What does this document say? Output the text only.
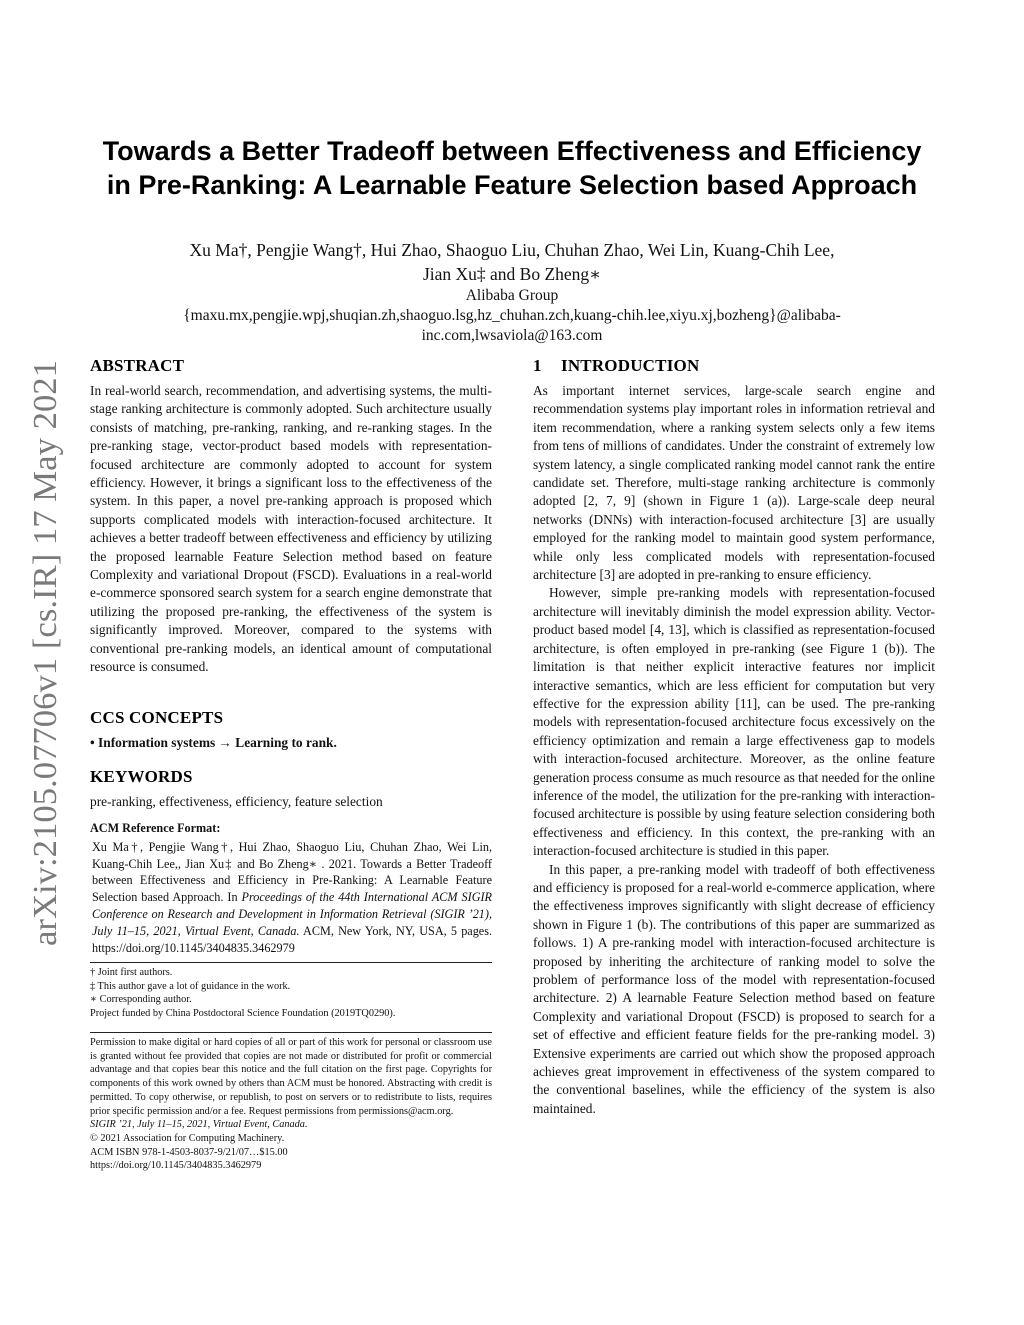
arXiv:2105.07706v1 [cs.IR] 17 May 2021
Towards a Better Tradeoff between Effectiveness and Efficiency
in Pre-Ranking: A Learnable Feature Selection based Approach
Xu Ma†, Pengjie Wang†, Hui Zhao, Shaoguo Liu, Chuhan Zhao, Wei Lin, Kuang-Chih Lee,
Jian Xu‡ and Bo Zheng∗
Alibaba Group
{maxu.mx,pengjie.wpj,shuqian.zh,shaoguo.lsg,hz_chuhan.zch,kuang-chih.lee,xiyu.xj,bozheng}@alibaba-
inc.com,lwsaviola@163.com
ABSTRACT

In real-world search, recommendation, and advertising systems, the multi-stage ranking architecture is commonly adopted. Such architecture usually consists of matching, pre-ranking, ranking, and re-ranking stages. In the pre-ranking stage, vector-product based models with representation-focused architecture are commonly adopted to account for system efficiency. However, it brings a significant loss to the effectiveness of the system. In this paper, a novel pre-ranking approach is proposed which supports complicated models with interaction-focused architecture. It achieves a better tradeoff between effectiveness and efficiency by utilizing the proposed learnable Feature Selection method based on feature Complexity and variational Dropout (FSCD). Evaluations in a real-world e-commerce sponsored search system for a search engine demonstrate that utilizing the proposed pre-ranking, the effectiveness of the system is significantly improved. Moreover, compared to the systems with conventional pre-ranking models, an identical amount of computational resource is consumed.

CCS CONCEPTS

• Information systems → Learning to rank.

KEYWORDS

pre-ranking, effectiveness, efficiency, feature selection

ACM Reference Format:
Xu Ma†, Pengjie Wang†, Hui Zhao, Shaoguo Liu, Chuhan Zhao, Wei Lin, Kuang-Chih Lee,, Jian Xu‡ and Bo Zheng∗ . 2021. Towards a Better Tradeoff between Effectiveness and Efficiency in Pre-Ranking: A Learnable Feature Selection based Approach. In Proceedings of the 44th International ACM SIGIR Conference on Research and Development in Information Retrieval (SIGIR ’21), July 11–15, 2021, Virtual Event, Canada. ACM, New York, NY, USA, 5 pages. https://doi.org/10.1145/3404835.3462979
† Joint first authors.
‡ This author gave a lot of guidance in the work.
∗ Corresponding author.
Project funded by China Postdoctoral Science Foundation (2019TQ0290).
Permission to make digital or hard copies of all or part of this work for personal or classroom use is granted without fee provided that copies are not made or distributed for profit or commercial advantage and that copies bear this notice and the full citation on the first page. Copyrights for components of this work owned by others than ACM must be honored. Abstracting with credit is permitted. To copy otherwise, or republish, to post on servers or to redistribute to lists, requires prior specific permission and/or a fee. Request permissions from permissions@acm.org.
SIGIR ’21, July 11–15, 2021, Virtual Event, Canada.
© 2021 Association for Computing Machinery.
ACM ISBN 978-1-4503-8037-9/21/07…$15.00
https://doi.org/10.1145/3404835.3462979
1 INTRODUCTION

As important internet services, large-scale search engine and recommendation systems play important roles in information retrieval and item recommendation, where a ranking system selects only a few items from tens of millions of candidates. Under the constraint of extremely low system latency, a single complicated ranking model cannot rank the entire candidate set. Therefore, multi-stage ranking architecture is commonly adopted [2, 7, 9] (shown in Figure 1 (a)). Large-scale deep neural networks (DNNs) with interaction-focused architecture [3] are usually employed for the ranking model to maintain good system performance, while only less complicated models with representation-focused architecture [3] are adopted in pre-ranking to ensure efficiency.

However, simple pre-ranking models with representation-focused architecture will inevitably diminish the model expression ability. Vector-product based model [4, 13], which is classified as representation-focused architecture, is often employed in pre-ranking (see Figure 1 (b)). The limitation is that neither explicit interactive features nor implicit interactive semantics, which are less efficient for computation but very effective for the expression ability [11], can be used. The pre-ranking models with representation-focused architecture focus excessively on the efficiency optimization and remain a large effectiveness gap to models with interaction-focused architecture. Moreover, as the online feature generation process consume as much resource as that needed for the online inference of the model, the utilization for the pre-ranking with interaction-focused architecture is possible by using feature selection considering both effectiveness and efficiency. In this context, the pre-ranking with an interaction-focused architecture is studied in this paper.

In this paper, a pre-ranking model with tradeoff of both effectiveness and efficiency is proposed for a real-world e-commerce application, where the effectiveness improves significantly with slight decrease of efficiency shown in Figure 1 (b). The contributions of this paper are summarized as follows. 1) A pre-ranking model with interaction-focused architecture is proposed by inheriting the architecture of ranking model to solve the problem of performance loss of the model with representation-focused architecture. 2) A learnable Feature Selection method based on feature Complexity and variational Dropout (FSCD) is proposed to search for a set of effective and efficient feature fields for the pre-ranking model. 3) Extensive experiments are carried out which show the proposed approach achieves great improvement in effectiveness of the system compared to the conventional baselines, while the efficiency of the system is also maintained.
